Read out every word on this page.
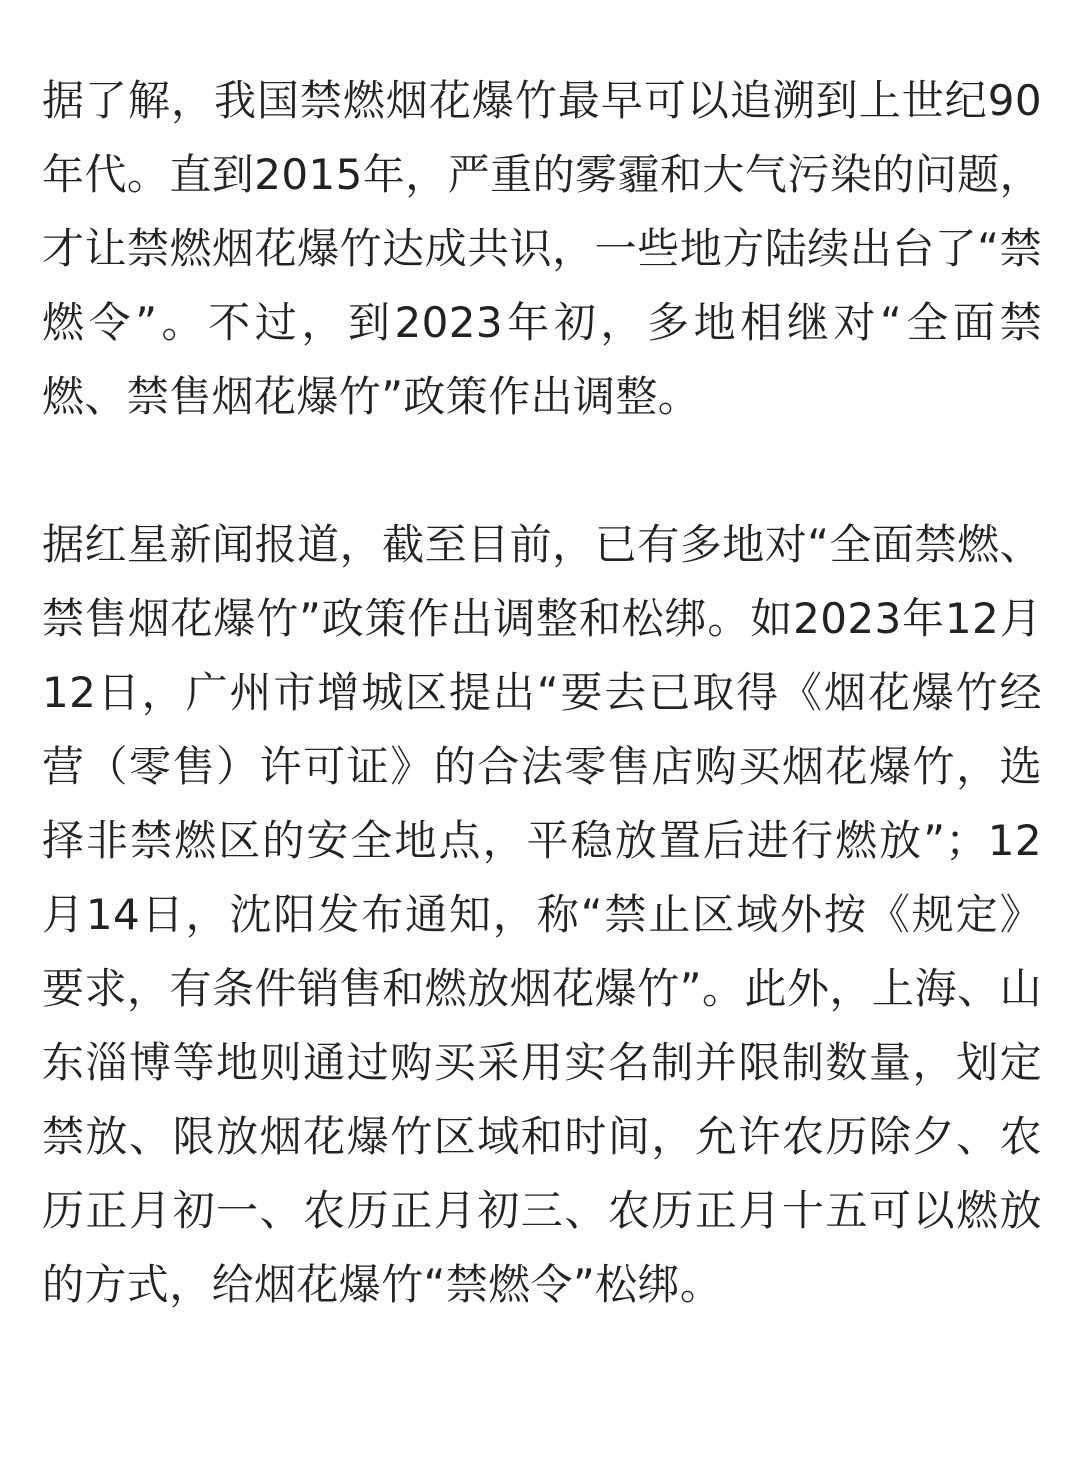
据了解，我国禁燃烟花爆竹最早可以追溯到上世纪90年代。直到2015年，严重的雾霾和大气污染的问题，才让禁燃烟花爆竹达成共识，一些地方陆续出台了“禁燃令”。不过，到2023年初，多地相继对“全面禁燃、禁售烟花爆竹”政策作出调整。

据红星新闻报道，截至目前，已有多地对“全面禁燃、禁售烟花爆竹”政策作出调整和松绑。如2023年12月12日，广州市增城区提出“要去已取得《烟花爆竹经营（零售）许可证》的合法零售店购买烟花爆竹，选择非禁燃区的安全地点，平稳放置后进行燃放”；12月14日，沈阳发布通知，称“禁止区域外按《规定》要求，有条件销售和燃放烟花爆竹”。此外，上海、山东淄博等地则通过购买采用实名制并限制数量，划定禁放、限放烟花爆竹区域和时间，允许农历除夕、农历正月初一、农历正月初三、农历正月十五可以燃放的方式，给烟花爆竹“禁燃令”松绑。
